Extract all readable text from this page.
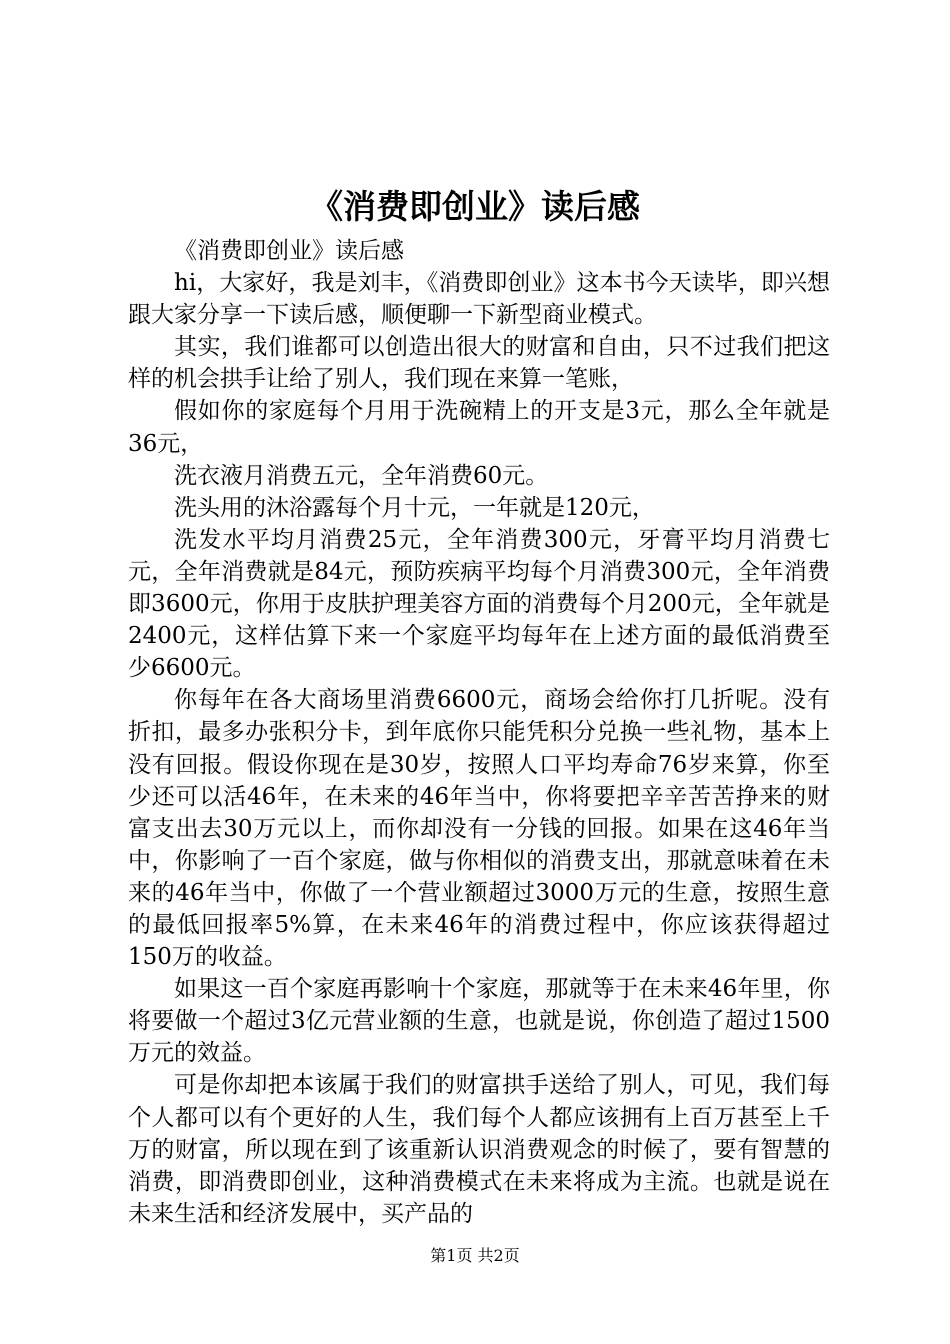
《消费即创业》读后感

《消费即创业》读后感

hi，大家好，我是刘丰，《消费即创业》这本书今天读毕，即兴想跟大家分享一下读后感，顺便聊一下新型商业模式。

其实，我们谁都可以创造出很大的财富和自由，只不过我们把这样的机会拱手让给了别人，我们现在来算一笔账，

假如你的家庭每个月用于洗碗精上的开支是3元，那么全年就是36元，

洗衣液月消费五元，全年消费60元。

洗头用的沐浴露每个月十元，一年就是120元，

洗发水平均月消费25元，全年消费300元，牙膏平均月消费七元，全年消费就是84元，预防疾病平均每个月消费300元，全年消费即3600元，你用于皮肤护理美容方面的消费每个月200元，全年就是2400元，这样估算下来一个家庭平均每年在上述方面的最低消费至少6600元。

你每年在各大商场里消费6600元，商场会给你打几折呢。没有折扣，最多办张积分卡，到年底你只能凭积分兑换一些礼物，基本上没有回报。假设你现在是30岁，按照人口平均寿命76岁来算，你至少还可以活46年，在未来的46年当中，你将要把辛辛苦苦挣来的财富支出去30万元以上，而你却没有一分钱的回报。如果在这46年当中，你影响了一百个家庭，做与你相似的消费支出，那就意味着在未来的46年当中，你做了一个营业额超过3000万元的生意，按照生意的最低回报率5%算，在未来46年的消费过程中，你应该获得超过150万的收益。

如果这一百个家庭再影响十个家庭，那就等于在未来46年里，你将要做一个超过3亿元营业额的生意，也就是说，你创造了超过1500万元的效益。

可是你却把本该属于我们的财富拱手送给了别人，可见，我们每个人都可以有个更好的人生，我们每个人都应该拥有上百万甚至上千万的财富，所以现在到了该重新认识消费观念的时候了，要有智慧的消费，即消费即创业，这种消费模式在未来将成为主流。也就是说在未来生活和经济发展中，买产品的

第1页 共2页
